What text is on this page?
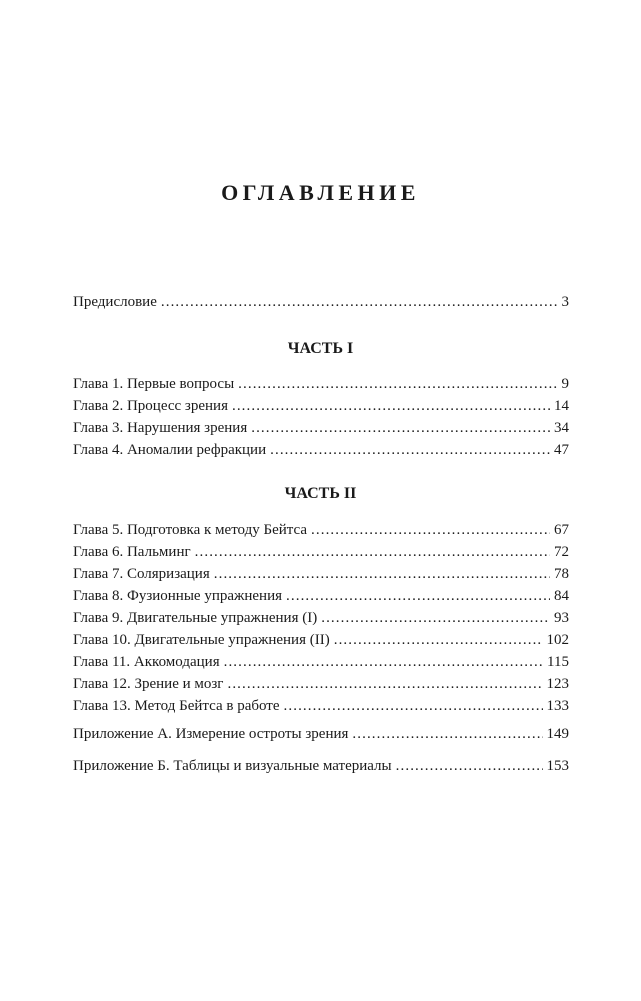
ОГЛАВЛЕНИЕ
Предисловие .....	3
Глава 1. Первые вопросы .....	9
Глава 2. Процесс зрения .....	14
Глава 3. Нарушения зрения .....	34
Глава 4. Аномалии рефракции .....	47
Глава 5. Подготовка к методу Бейтса .....	67
Глава 6. Пальминг .....	72
Глава 7. Соляризация .....	78
Глава 8. Фузионные упражнения .....	84
Глава 9. Двигательные упражнения (I) .....	93
Глава 10. Двигательные упражнения (II) .....	102
Глава 11. Аккомодация .....	115
Глава 12. Зрение и мозг .....	123
Глава 13. Метод Бейтса в работе .....	133
Приложение А. Измерение остроты зрения .....	149
Приложение Б. Таблицы и визуальные материалы .....	153
ЧАСТЬ I
ЧАСТЬ II
